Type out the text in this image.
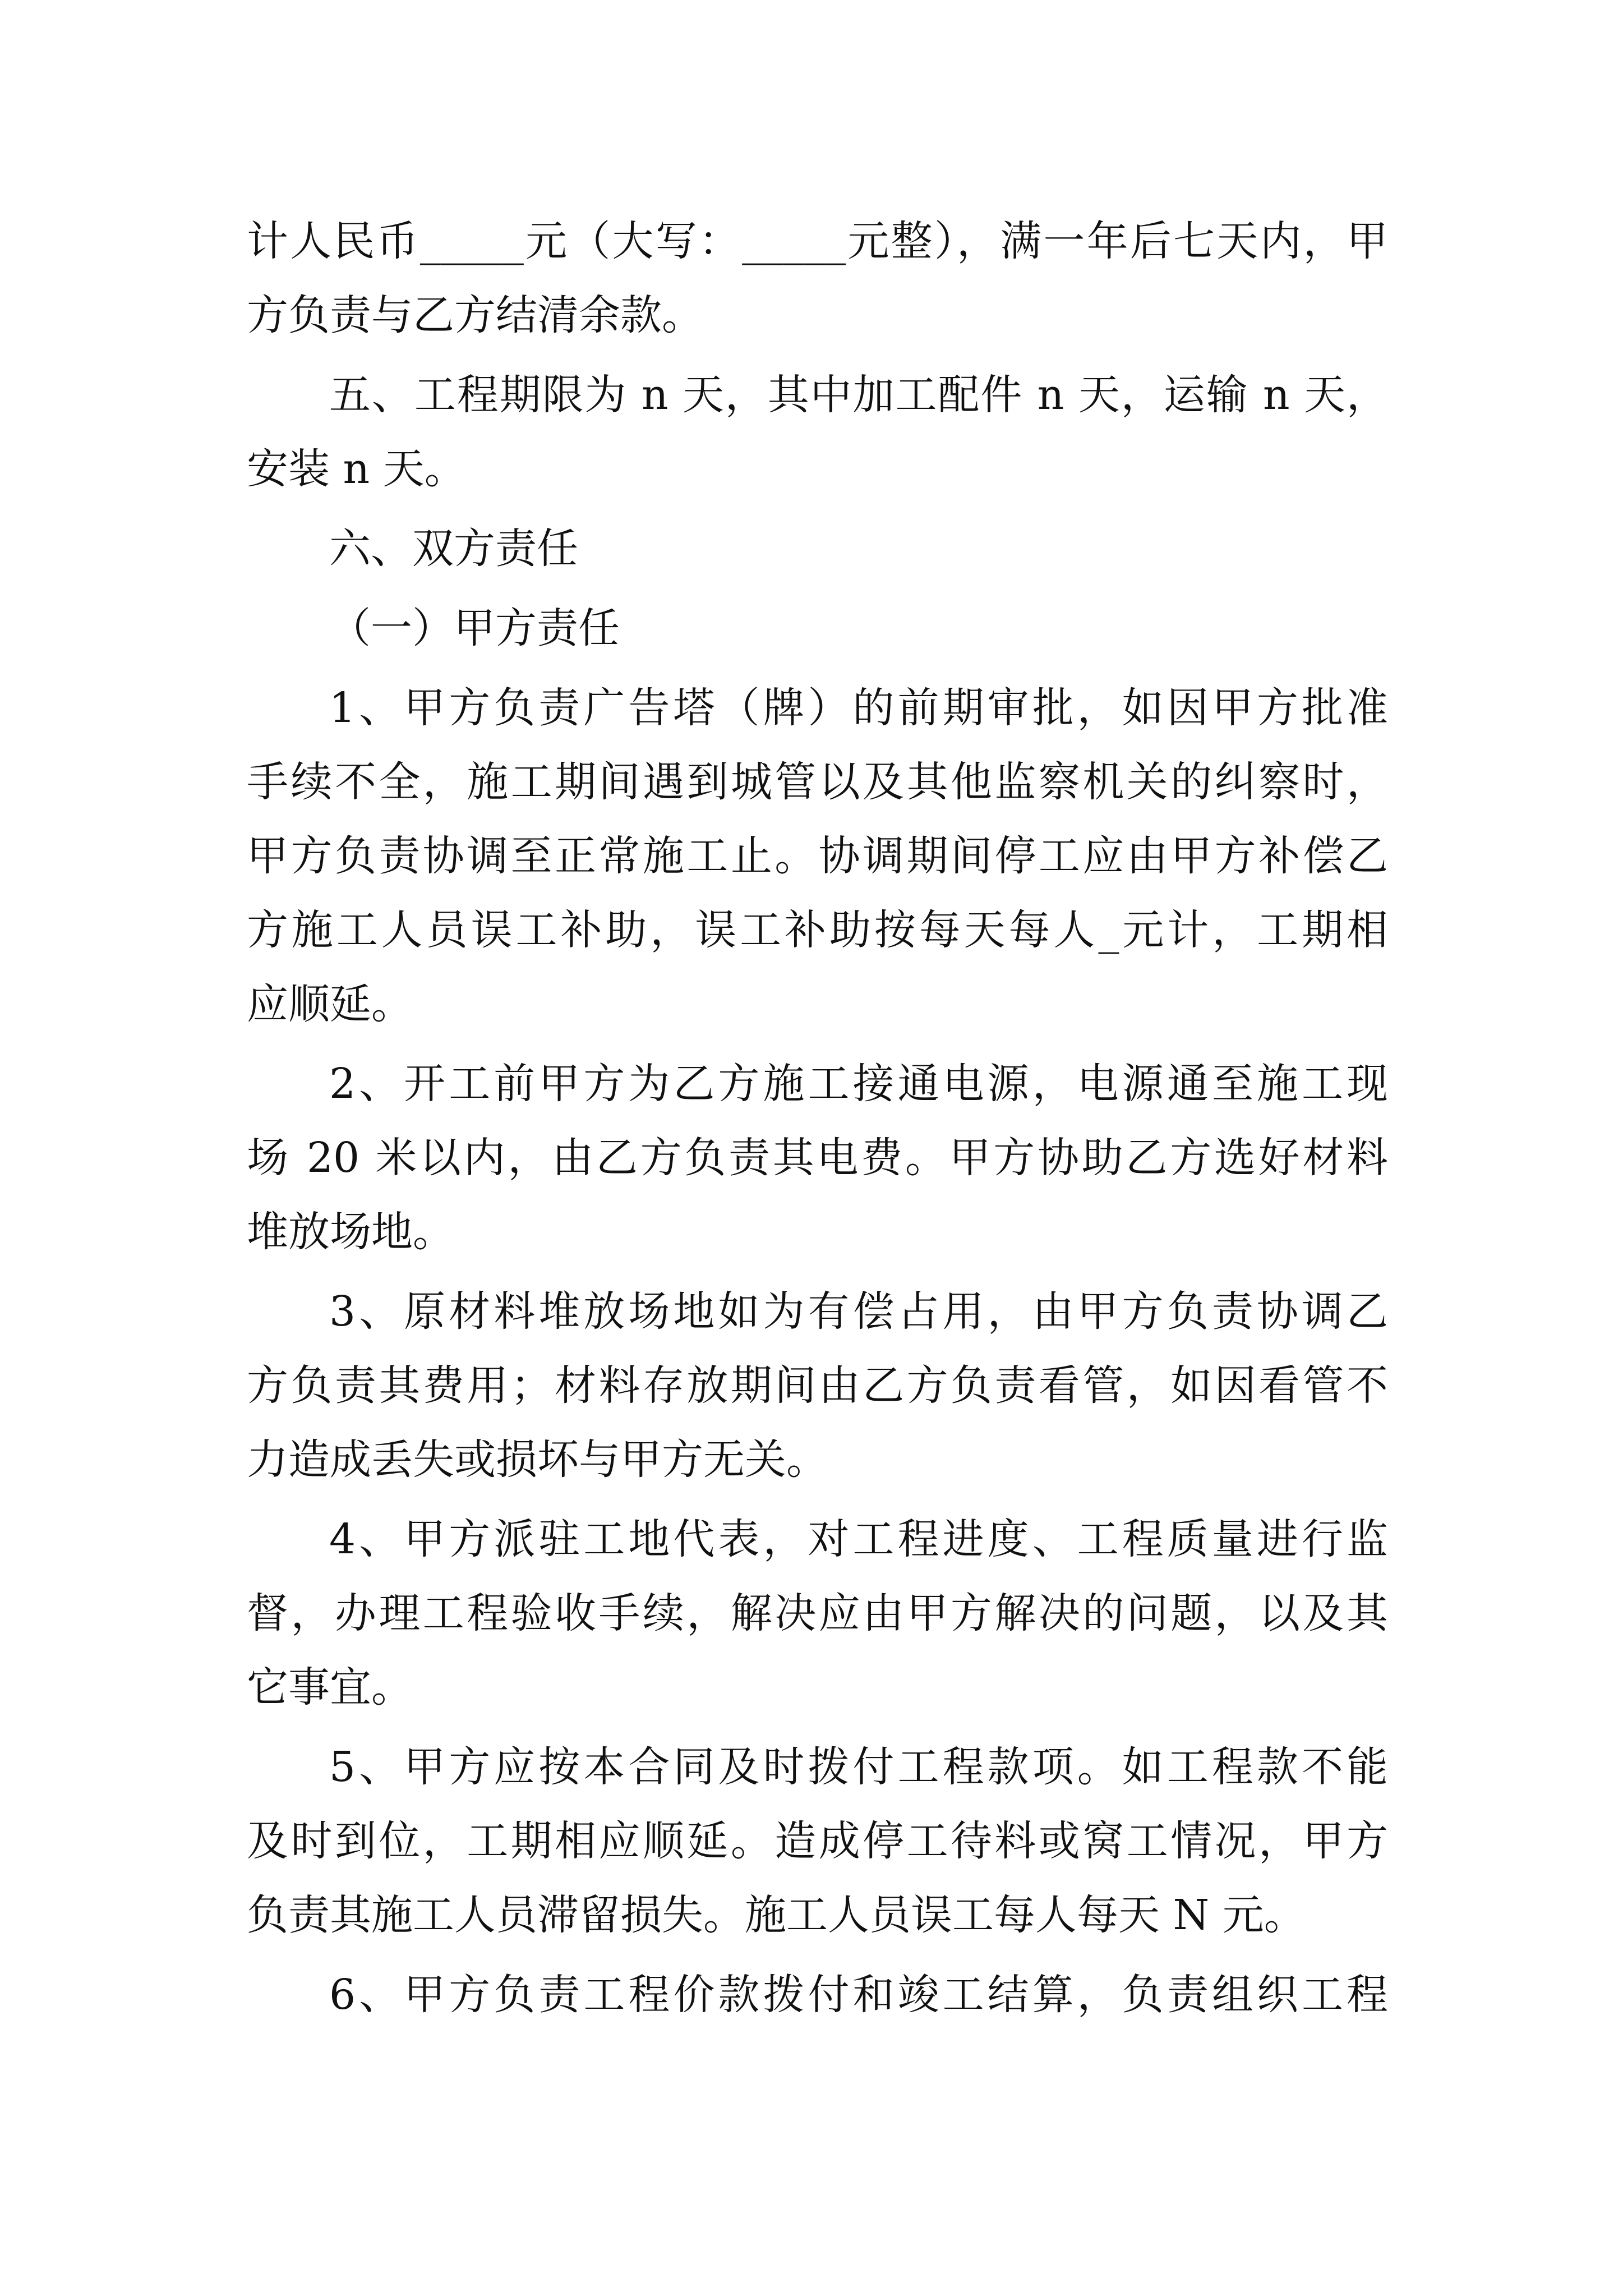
计人民币_____元（大写：_____元整），满一年后七天内，甲
方负责与乙方结清余款。
五、工程期限为 n 天，其中加工配件 n 天，运输 n 天，
安装 n 天。
六、双方责任
（一）甲方责任
1、甲方负责广告塔（牌）的前期审批，如因甲方批准
手续不全，施工期间遇到城管以及其他监察机关的纠察时，
甲方负责协调至正常施工止。协调期间停工应由甲方补偿乙
方施工人员误工补助，误工补助按每天每人_元计，工期相
应顺延。
2、开工前甲方为乙方施工接通电源，电源通至施工现
场 20 米以内，由乙方负责其电费。甲方协助乙方选好材料
堆放场地。
3、原材料堆放场地如为有偿占用，由甲方负责协调乙
方负责其费用；材料存放期间由乙方负责看管，如因看管不
力造成丢失或损坏与甲方无关。
4、甲方派驻工地代表，对工程进度、工程质量进行监
督，办理工程验收手续，解决应由甲方解决的问题，以及其
它事宜。
5、甲方应按本合同及时拨付工程款项。如工程款不能
及时到位，工期相应顺延。造成停工待料或窝工情况，甲方
负责其施工人员滞留损失。施工人员误工每人每天 N 元。
6、甲方负责工程价款拨付和竣工结算，负责组织工程
